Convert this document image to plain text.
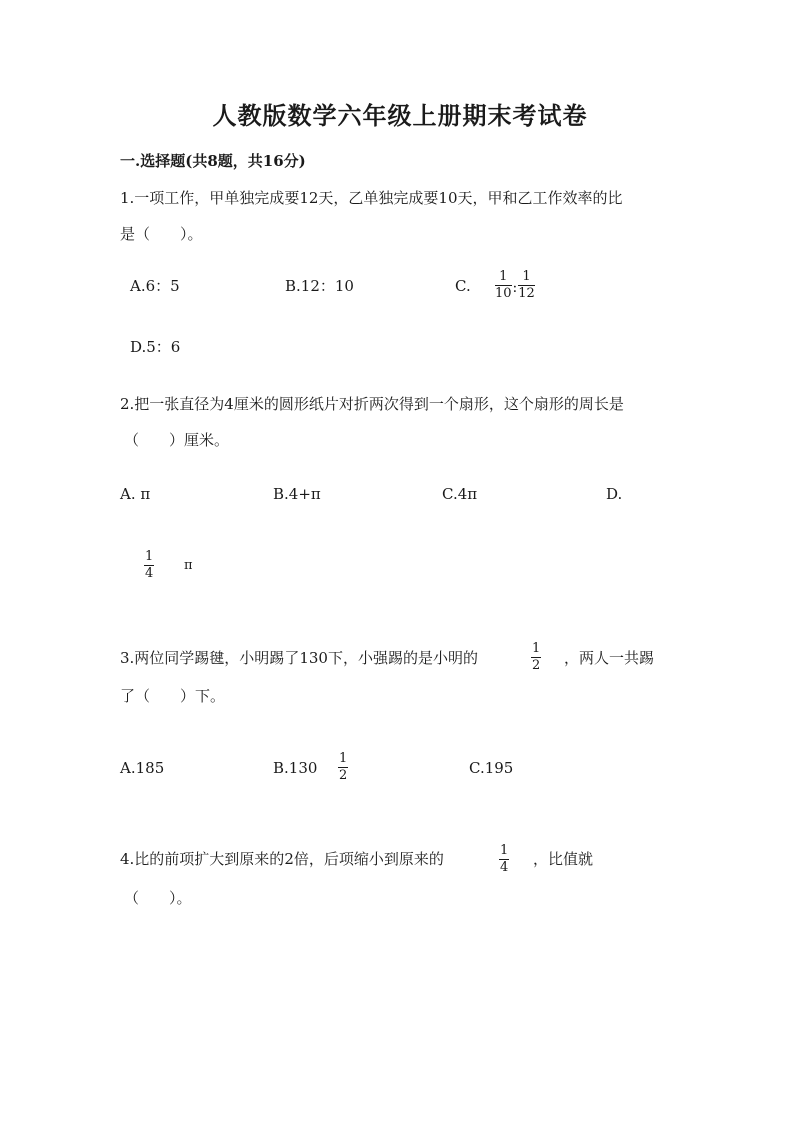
人教版数学六年级上册期末考试卷
一.选择题(共8题，共16分)
1.一项工作，甲单独完成要12天，乙单独完成要10天，甲和乙工作效率的比
是（　　）。
A.6：5	B.12：10	C. $\frac{1}{10}$ : $\frac{1}{12}$
D.5：6
2.把一张直径为4厘米的圆形纸片对折两次得到一个扇形，这个扇形的周长是
（　　）厘米。
A. π	B.4+π	C.4π	D.
1
4
π
3.两位同学踢毽，小明踢了130下，小强踢的是小明的
1
2 ，两人一共踢
了（　　）下。
A.185	B.130
1
2	C.195
4.比的前项扩大到原来的2倍，后项缩小到原来的	1
4 ，比值就
（　　）。
